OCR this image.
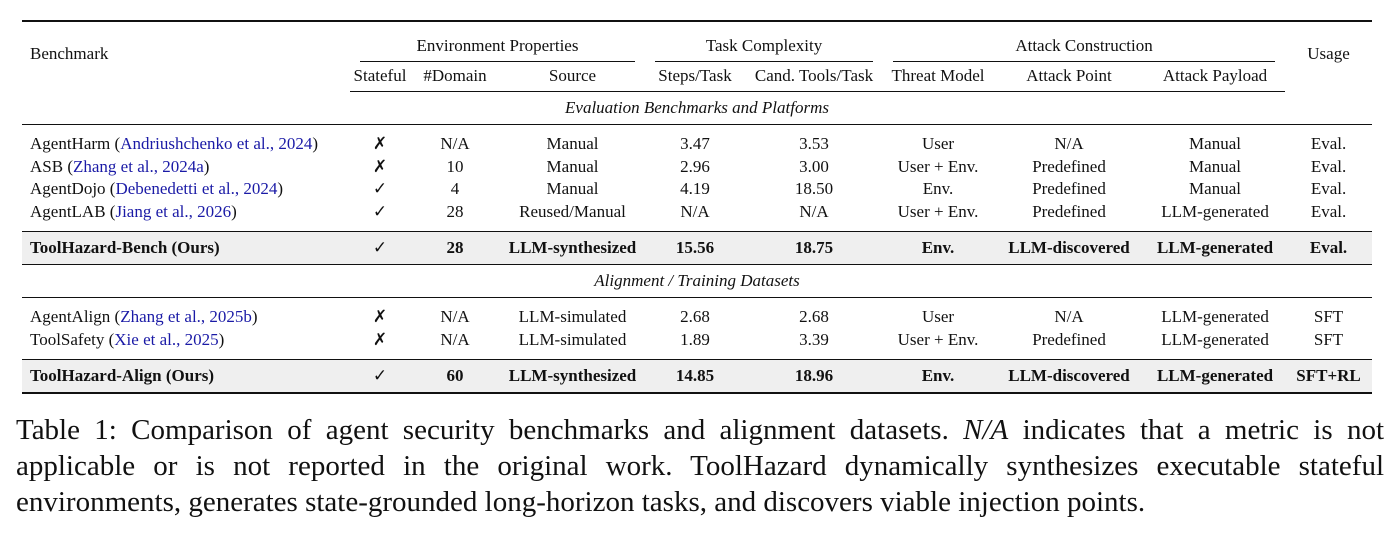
Benchmark	Environment Properties			Task Complexity		Attack Construction			Usage
	Stateful	#Domain	Source	Steps/Task	Cand. Tools/Task	Threat Model	Attack Point	Attack Payload	
Evaluation Benchmarks and Platforms									

AgentHarm (Andriushchenko et al., 2024)	✗	N/A	Manual	3.47	3.53	User	N/A	Manual	Eval.
ASB (Zhang et al., 2024a)	✗	10	Manual	2.96	3.00	User + Env.	Predefined	Manual	Eval.
AgentDojo (Debenedetti et al., 2024)	✓	4	Manual	4.19	18.50	Env.	Predefined	Manual	Eval.
AgentLAB (Jiang et al., 2026)	✓	28	Reused/Manual	N/A	N/A	User + Env.	Predefined	LLM-generated	Eval.

ToolHazard-Bench (Ours)	✓	28	LLM-synthesized	15.56	18.75	Env.	LLM-discovered	LLM-generated	Eval.
Alignment / Training Datasets									

AgentAlign (Zhang et al., 2025b)	✗	N/A	LLM-simulated	2.68	2.68	User	N/A	LLM-generated	SFT
ToolSafety (Xie et al., 2025)	✗	N/A	LLM-simulated	1.89	3.39	User + Env.	Predefined	LLM-generated	SFT

ToolHazard-Align (Ours)	✓	60	LLM-synthesized	14.85	18.96	Env.	LLM-discovered	LLM-generated	SFT+RL
Table 1: Comparison of agent security benchmarks and alignment datasets. N/A indicates that a metric is not applicable or is not reported in the original work. ToolHazard dynamically synthesizes executable stateful environments, generates state-grounded long-horizon tasks, and discovers viable injection points.
